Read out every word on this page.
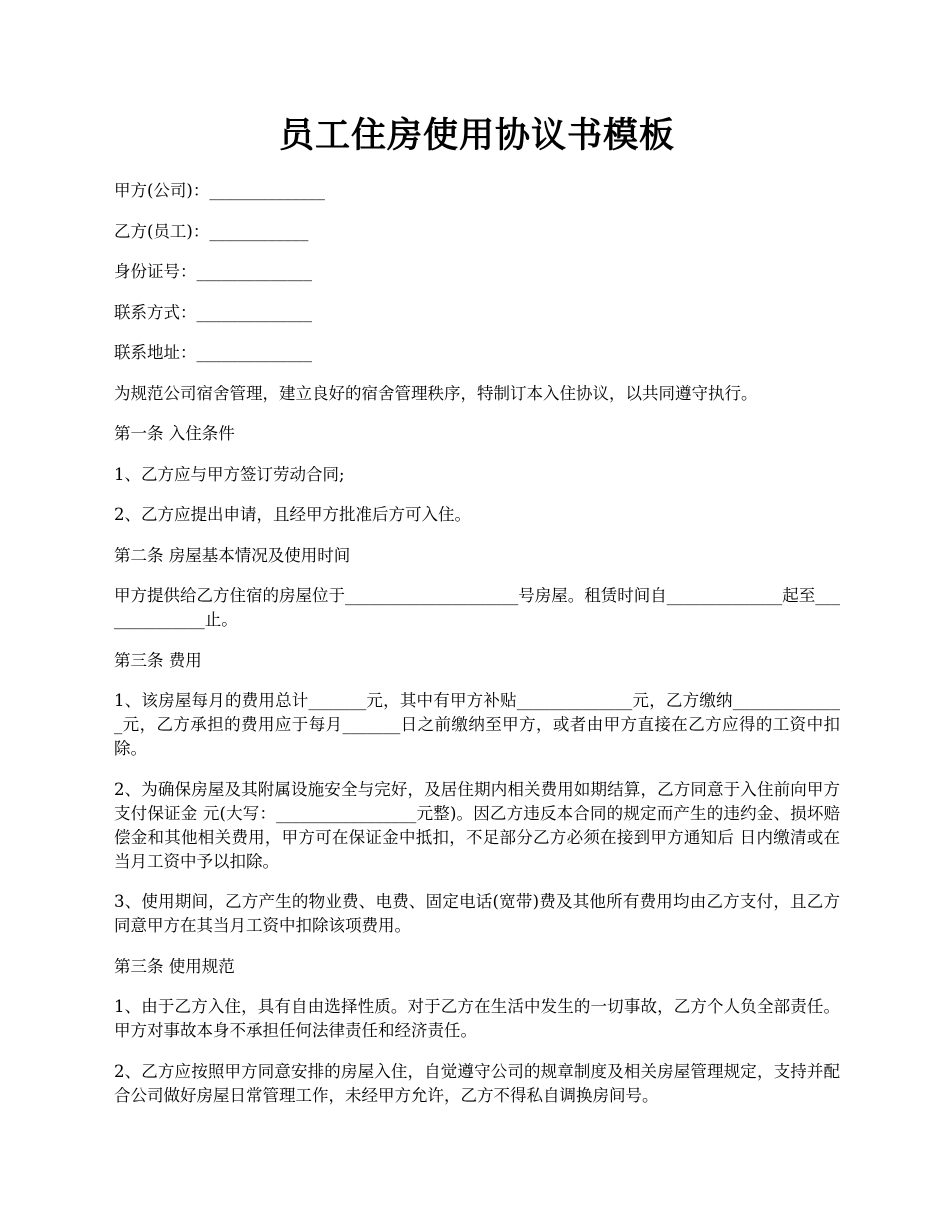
员工住房使用协议书模板

甲方(公司)：______________

乙方(员工)：____________

身份证号：______________

联系方式：______________

联系地址：______________

为规范公司宿舍管理，建立良好的宿舍管理秩序，特制订本入住协议，以共同遵守执行。

第一条 入住条件

1、乙方应与甲方签订劳动合同;

2、乙方应提出申请，且经甲方批准后方可入住。

第二条 房屋基本情况及使用时间

甲方提供给乙方住宿的房屋位于_____________________号房屋。租赁时间自______________起至______________止。

第三条 费用

1、该房屋每月的费用总计_______元，其中有甲方补贴______________元，乙方缴纳______________元，乙方承担的费用应于每月_______日之前缴纳至甲方，或者由甲方直接在乙方应得的工资中扣除。

2、为确保房屋及其附属设施安全与完好，及居住期内相关费用如期结算，乙方同意于入住前向甲方支付保证金 元(大写：_________________元整)。因乙方违反本合同的规定而产生的违约金、损坏赔偿金和其他相关费用，甲方可在保证金中抵扣，不足部分乙方必须在接到甲方通知后 日内缴清或在当月工资中予以扣除。

3、使用期间，乙方产生的物业费、电费、固定电话(宽带)费及其他所有费用均由乙方支付，且乙方同意甲方在其当月工资中扣除该项费用。

第三条 使用规范

1、由于乙方入住，具有自由选择性质。对于乙方在生活中发生的一切事故，乙方个人负全部责任。甲方对事故本身不承担任何法律责任和经济责任。

2、乙方应按照甲方同意安排的房屋入住，自觉遵守公司的规章制度及相关房屋管理规定，支持并配合公司做好房屋日常管理工作，未经甲方允许，乙方不得私自调换房间号。
